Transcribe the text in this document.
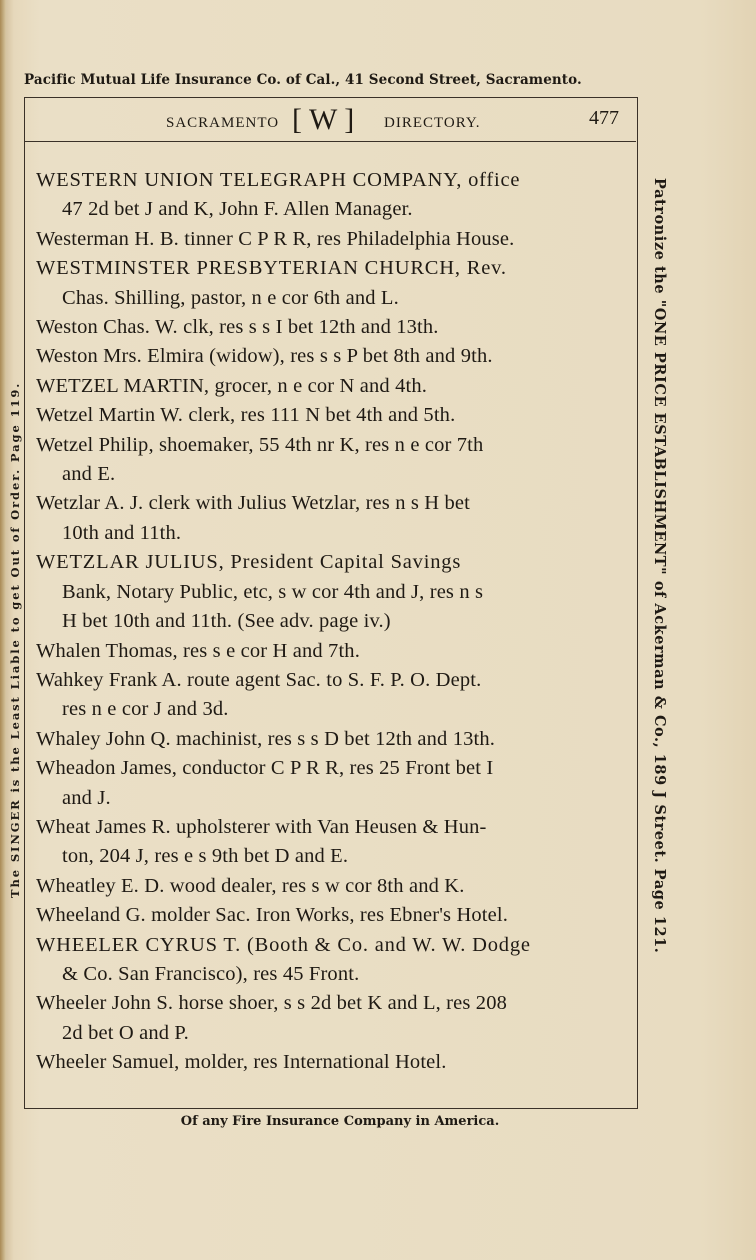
Pacific Mutual Life Insurance Co. of Cal., 41 Second Street, Sacramento.
SACRAMENTO [ W ] DIRECTORY.	477

WESTERN UNION TELEGRAPH COMPANY, office

47 2d bet J and K, John F. Allen Manager.

Westerman H. B. tinner C P R R, res Philadelphia House.

WESTMINSTER PRESBYTERIAN CHURCH, Rev.

Chas. Shilling, pastor, n e cor 6th and L.

Weston Chas. W. clk, res s s I bet 12th and 13th.

Weston Mrs. Elmira (widow), res s s P bet 8th and 9th.

WETZEL MARTIN, grocer, n e cor N and 4th.

Wetzel Martin W. clerk, res 111 N bet 4th and 5th.

Wetzel Philip, shoemaker, 55 4th nr K, res n e cor 7th

and E.

Wetzlar A. J. clerk with Julius Wetzlar, res n s H bet

10th and 11th.

WETZLAR JULIUS, President Capital Savings

Bank, Notary Public, etc, s w cor 4th and J, res n s

H bet 10th and 11th. (See adv. page iv.)

Whalen Thomas, res s e cor H and 7th.

Wahkey Frank A. route agent Sac. to S. F. P. O. Dept.

res n e cor J and 3d.

Whaley John Q. machinist, res s s D bet 12th and 13th.

Wheadon James, conductor C P R R, res 25 Front bet I

and J.

Wheat James R. upholsterer with Van Heusen & Hun-

ton, 204 J, res e s 9th bet D and E.

Wheatley E. D. wood dealer, res s w cor 8th and K.

Wheeland G. molder Sac. Iron Works, res Ebner's Hotel.

WHEELER CYRUS T. (Booth & Co. and W. W. Dodge

& Co. San Francisco), res 45 Front.

Wheeler John S. horse shoer, s s 2d bet K and L, res 208

2d bet O and P.

Wheeler Samuel, molder, res International Hotel.

The SINGER is the Least Liable to get Out of Order. Page 119.	Patronize the "ONE PRICE ESTABLISHMENT" of Ackerman & Co., 189 J Street. Page 121.
Of any Fire Insurance Company in America.
